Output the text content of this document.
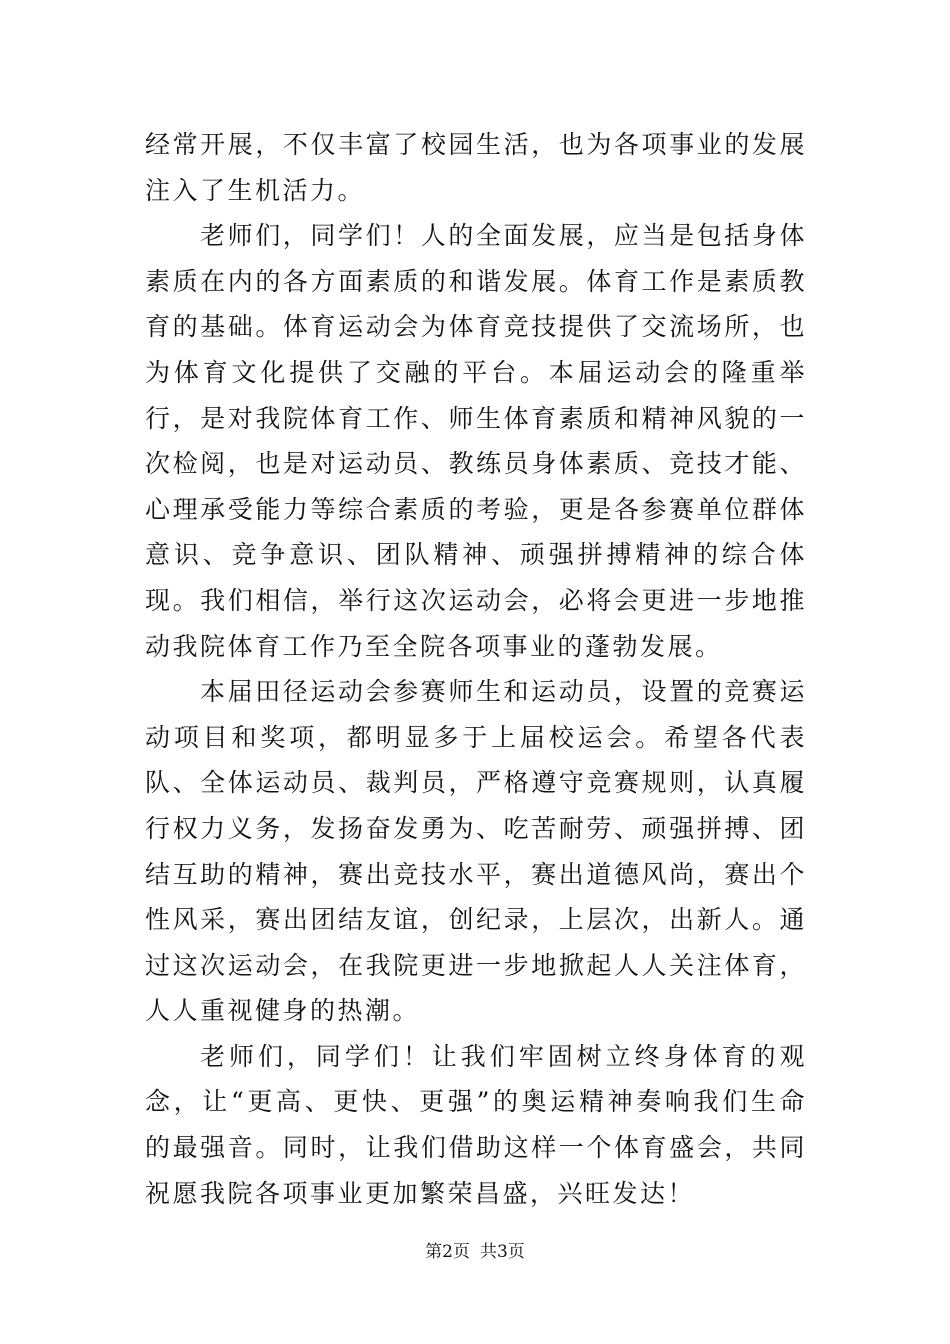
经常开展，不仅丰富了校园生活，也为各项事业的发展注入了生机活力。

老师们，同学们！人的全面发展，应当是包括身体素质在内的各方面素质的和谐发展。体育工作是素质教育的基础。体育运动会为体育竞技提供了交流场所，也为体育文化提供了交融的平台。本届运动会的隆重举行，是对我院体育工作、师生体育素质和精神风貌的一次检阅，也是对运动员、教练员身体素质、竞技才能、心理承受能力等综合素质的考验，更是各参赛单位群体意识、竞争意识、团队精神、顽强拼搏精神的综合体现。我们相信，举行这次运动会，必将会更进一步地推动我院体育工作乃至全院各项事业的蓬勃发展。

本届田径运动会参赛师生和运动员，设置的竞赛运动项目和奖项，都明显多于上届校运会。希望各代表队、全体运动员、裁判员，严格遵守竞赛规则，认真履行权力义务，发扬奋发勇为、吃苦耐劳、顽强拼搏、团结互助的精神，赛出竞技水平，赛出道德风尚，赛出个性风采，赛出团结友谊，创纪录，上层次，出新人。通过这次运动会，在我院更进一步地掀起人人关注体育，人人重视健身的热潮。

老师们，同学们！让我们牢固树立终身体育的观念，让“更高、更快、更强”的奥运精神奏响我们生命的最强音。同时，让我们借助这样一个体育盛会，共同祝愿我院各项事业更加繁荣昌盛，兴旺发达！

第2页 共3页
